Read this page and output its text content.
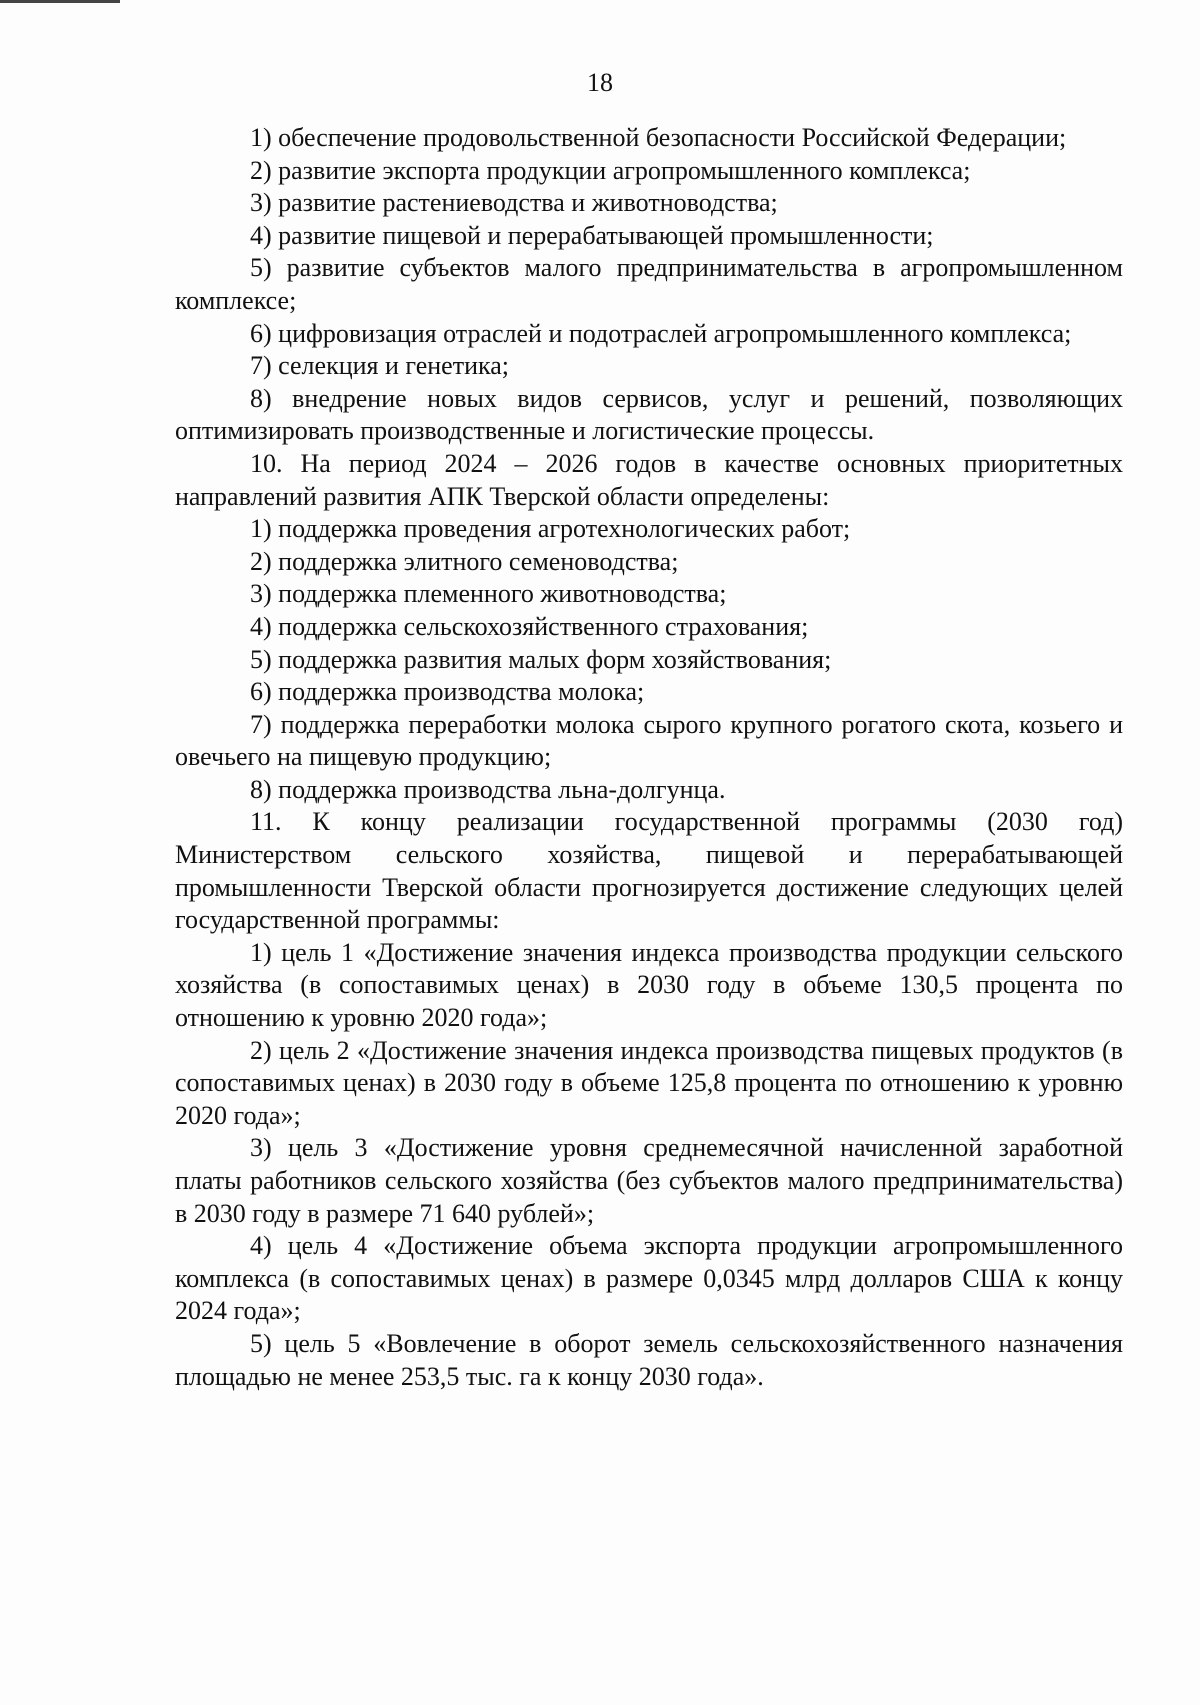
18

1) обеспечение продовольственной безопасности Российской Федерации;

2) развитие экспорта продукции агропромышленного комплекса;

3) развитие растениеводства и животноводства;

4) развитие пищевой и перерабатывающей промышленности;

5) развитие субъектов малого предпринимательства в агропромышленном комплексе;

6) цифровизация отраслей и подотраслей агропромышленного комплекса;

7) селекция и генетика;

8) внедрение новых видов сервисов, услуг и решений, позволяющих оптимизировать производственные и логистические процессы.

10. На период 2024 – 2026 годов в качестве основных приоритетных направлений развития АПК Тверской области определены:

1) поддержка проведения агротехнологических работ;

2) поддержка элитного семеноводства;

3) поддержка племенного животноводства;

4) поддержка сельскохозяйственного страхования;

5) поддержка развития малых форм хозяйствования;

6) поддержка производства молока;

7) поддержка переработки молока сырого крупного рогатого скота, козьего и овечьего на пищевую продукцию;

8) поддержка производства льна-долгунца.

11. К концу реализации государственной программы (2030 год) Министерством сельского хозяйства, пищевой и перерабатывающей промышленности Тверской области прогнозируется достижение следующих целей государственной программы:

1) цель 1 «Достижение значения индекса производства продукции сельского хозяйства (в сопоставимых ценах) в 2030 году в объеме 130,5 процента по отношению к уровню 2020 года»;

2) цель 2 «Достижение значения индекса производства пищевых продуктов (в сопоставимых ценах) в 2030 году в объеме 125,8 процента по отношению к уровню 2020 года»;

3) цель 3 «Достижение уровня среднемесячной начисленной заработной платы работников сельского хозяйства (без субъектов малого предпринимательства) в 2030 году в размере 71 640 рублей»;

4) цель 4 «Достижение объема экспорта продукции агропромышленного комплекса (в сопоставимых ценах) в размере 0,0345 млрд долларов США к концу 2024 года»;

5) цель 5 «Вовлечение в оборот земель сельскохозяйственного назначения площадью не менее 253,5 тыс. га к концу 2030 года».
